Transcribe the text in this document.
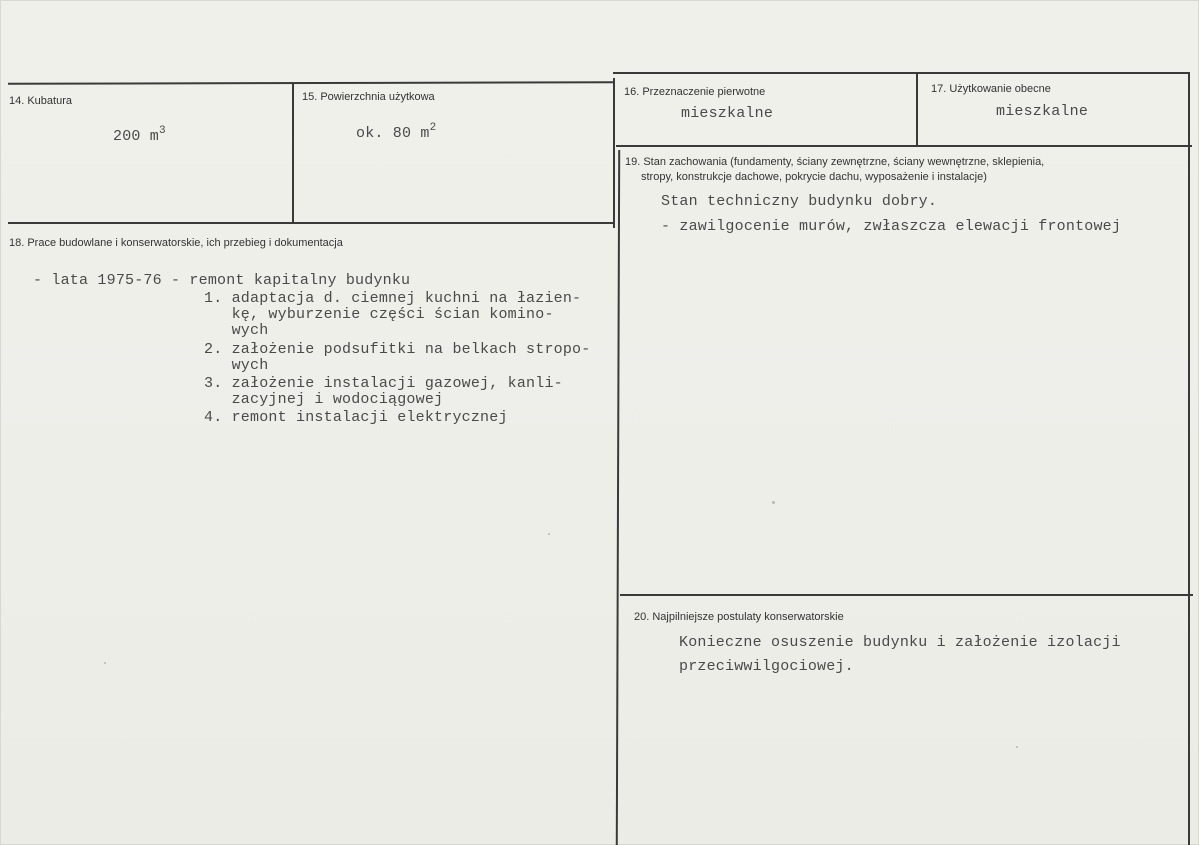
14. Kubatura
200 $m^3$
15. Powierzchnia użytkowa
ok. 80 $m^2$
16. Przeznaczenie pierwotne
mieszkalne
17. Użytkowanie obecne
mieszkalne
19. Stan zachowania (fundamenty, ściany zewnętrzne, ściany wewnętrzne, sklepienia,
stropy, konstrukcje dachowe, pokrycie dachu, wyposażenie i instalacje)
Stan techniczny budynku dobry.
- zawilgocenie murów, zwłaszcza elewacji frontowej
18. Prace budowlane i konserwatorskie, ich przebieg i dokumentacja
- lata 1975-76 - remont kapitalny budynku
1. adaptacja d. ciemnej kuchni na łazien-
kę, wyburzenie części ścian komino-
wych
2. założenie podsufitki na belkach stropo-
wych
3. założenie instalacji gazowej, kanli-
zacyjnej i wodociągowej
4. remont instalacji elektrycznej
20. Najpilniejsze postulaty konserwatorskie
Konieczne osuszenie budynku i założenie izolacji
przeciwwilgociowej.
